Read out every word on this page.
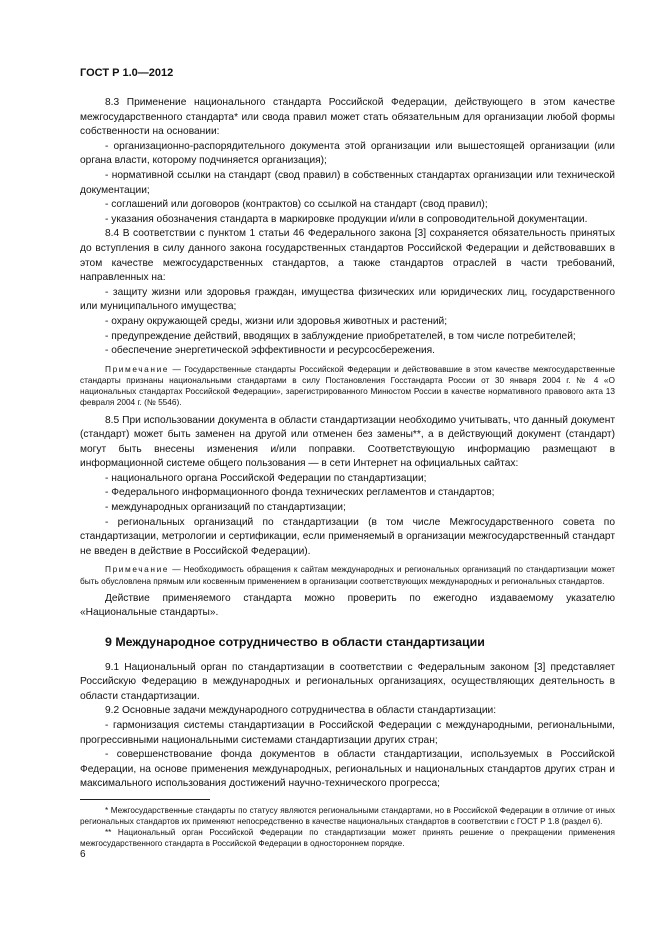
ГОСТ Р 1.0—2012

8.3 Применение национального стандарта Российской Федерации, действующего в этом качестве межгосударственного стандарта* или свода правил может стать обязательным для организации любой формы собственности на основании:

- организационно-распорядительного документа этой организации или вышестоящей организации (или органа власти, которому подчиняется организация);

- нормативной ссылки на стандарт (свод правил) в собственных стандартах организации или технической документации;

- соглашений или договоров (контрактов) со ссылкой на стандарт (свод правил);

- указания обозначения стандарта в маркировке продукции и/или в сопроводительной документации.

8.4 В соответствии с пунктом 1 статьи 46 Федерального закона [3] сохраняется обязательность принятых до вступления в силу данного закона государственных стандартов Российской Федерации и действовавших в этом качестве межгосударственных стандартов, а также стандартов отраслей в части требований, направленных на:

- защиту жизни или здоровья граждан, имущества физических или юридических лиц, государственного или муниципального имущества;

- охрану окружающей среды, жизни или здоровья животных и растений;

- предупреждение действий, вводящих в заблуждение приобретателей, в том числе потребителей;

- обеспечение энергетической эффективности и ресурсосбережения.

Примечание — Государственные стандарты Российской Федерации и действовавшие в этом качестве межгосударственные стандарты признаны национальными стандартами в силу Постановления Госстандарта России от 30 января 2004 г. № 4 «О национальных стандартах Российской Федерации», зарегистрированного Минюстом России в качестве нормативного правового акта 13 февраля 2004 г. (№ 5546).

8.5 При использовании документа в области стандартизации необходимо учитывать, что данный документ (стандарт) может быть заменен на другой или отменен без замены**, а в действующий документ (стандарт) могут быть внесены изменения и/или поправки. Соответствующую информацию размещают в информационной системе общего пользования — в сети Интернет на официальных сайтах:

- национального органа Российской Федерации по стандартизации;

- Федерального информационного фонда технических регламентов и стандартов;

- международных организаций по стандартизации;

- региональных организаций по стандартизации (в том числе Межгосударственного совета по стандартизации, метрологии и сертификации, если применяемый в организации межгосударственный стандарт не введен в действие в Российской Федерации).

Примечание — Необходимость обращения к сайтам международных и региональных организаций по стандартизации может быть обусловлена прямым или косвенным применением в организации соответствующих международных и региональных стандартов.

Действие применяемого стандарта можно проверить по ежегодно издаваемому указателю «Национальные стандарты».

9 Международное сотрудничество в области стандартизации

9.1 Национальный орган по стандартизации в соответствии с Федеральным законом [3] представляет Российскую Федерацию в международных и региональных организациях, осуществляющих деятельность в области стандартизации.

9.2 Основные задачи международного сотрудничества в области стандартизации:

- гармонизация системы стандартизации в Российской Федерации с международными, региональными, прогрессивными национальными системами стандартизации других стран;

- совершенствование фонда документов в области стандартизации, используемых в Российской Федерации, на основе применения международных, региональных и национальных стандартов других стран и максимального использования достижений научно-технического прогресса;

* Межгосударственные стандарты по статусу являются региональными стандартами, но в Российской Федерации в отличие от иных региональных стандартов их применяют непосредственно в качестве национальных стандартов в соответствии с ГОСТ Р 1.8 (раздел 6).

** Национальный орган Российской Федерации по стандартизации может принять решение о прекращении применения межгосударственного стандарта в Российской Федерации в одностороннем порядке.

6
